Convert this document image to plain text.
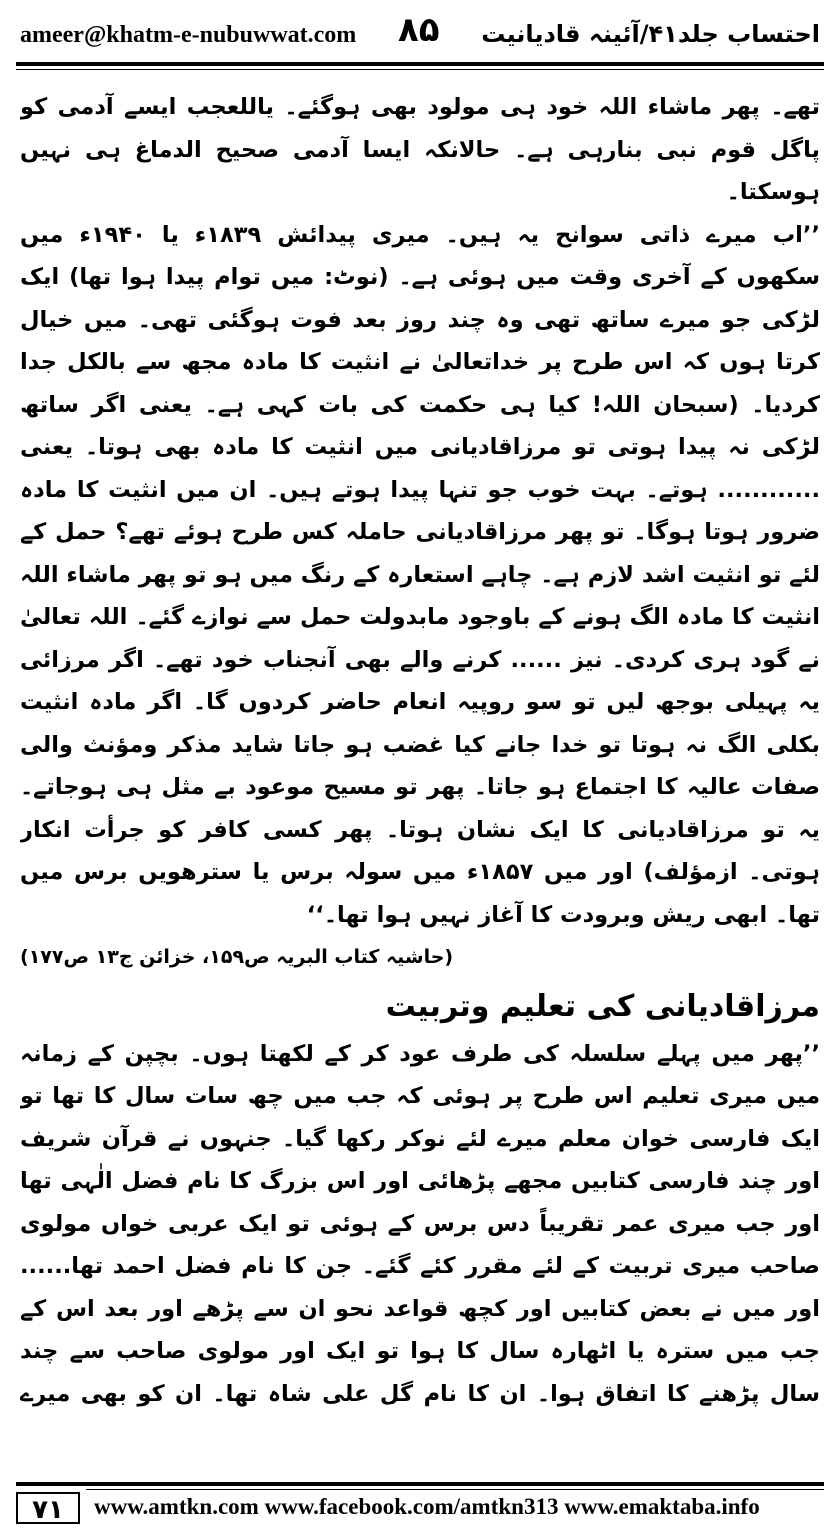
ameer@khatm-e-nubuwwat.com ۸۵ احتساب جلد۴۱/آئینہ قادیانیت

تھے۔ پھر ماشاء اللہ خود ہی مولود بھی ہوگئے۔ یاللعجب ایسے آدمی کو پاگل قوم نبی بنارہی ہے۔ حالانکہ ایسا آدمی صحیح الدماغ ہی نہیں ہوسکتا۔

’’اب میرے ذاتی سوانح یہ ہیں۔ میری پیدائش ۱۸۳۹ء یا ۱۹۴۰ء میں سکھوں کے آخری وقت میں ہوئی ہے۔ (نوٹ: میں توام پیدا ہوا تھا) ایک لڑکی جو میرے ساتھ تھی وہ چند روز بعد فوت ہوگئی تھی۔ میں خیال کرتا ہوں کہ اس طرح پر خداتعالیٰ نے انثیت کا مادہ مجھ سے بالکل جدا کردیا۔ (سبحان اللہ! کیا ہی حکمت کی بات کہی ہے۔ یعنی اگر ساتھ لڑکی نہ پیدا ہوتی تو مرزاقادیانی میں انثیت کا مادہ بھی ہوتا۔ یعنی ............ ہوتے۔ بہت خوب جو تنہا پیدا ہوتے ہیں۔ ان میں انثیت کا مادہ ضرور ہوتا ہوگا۔ تو پھر مرزاقادیانی حاملہ کس طرح ہوئے تھے؟ حمل کے لئے تو انثیت اشد لازم ہے۔ چاہے استعارہ کے رنگ میں ہو تو پھر ماشاء اللہ انثیت کا مادہ الگ ہونے کے باوجود مابدولت حمل سے نوازے گئے۔ اللہ تعالیٰ نے گود ہری کردی۔ نیز ...... کرنے والے بھی آنجناب خود تھے۔ اگر مرزائی یہ پہیلی بوجھ لیں تو سو روپیہ انعام حاضر کردوں گا۔ اگر مادہ انثیت بکلی الگ نہ ہوتا تو خدا جانے کیا غضب ہو جاتا شاید مذکر ومؤنث والی صفات عالیہ کا اجتماع ہو جاتا۔ پھر تو مسیح موعود بے مثل ہی ہوجاتے۔ یہ تو مرزاقادیانی کا ایک نشان ہوتا۔ پھر کسی کافر کو جرأت انکار ہوتی۔ ازمؤلف) اور میں ۱۸۵۷ء میں سولہ برس یا سترھویں برس میں تھا۔ ابھی ریش وبرودت کا آغاز نہیں ہوا تھا۔‘‘

(حاشیہ کتاب البریہ ص۱۵۹، خزائن ج۱۳ ص۱۷۷)
مرزاقادیانی کی تعلیم وتربیت

’’پھر میں پہلے سلسلہ کی طرف عود کر کے لکھتا ہوں۔ بچپن کے زمانہ میں میری تعلیم اس طرح پر ہوئی کہ جب میں چھ سات سال کا تھا تو ایک فارسی خوان معلم میرے لئے نوکر رکھا گیا۔ جنہوں نے قرآن شریف اور چند فارسی کتابیں مجھے پڑھائی اور اس بزرگ کا نام فضل الٰہی تھا اور جب میری عمر تقریباً دس برس کے ہوئی تو ایک عربی خواں مولوی صاحب میری تربیت کے لئے مقرر کئے گئے۔ جن کا نام فضل احمد تھا...... اور میں نے بعض کتابیں اور کچھ قواعد نحو ان سے پڑھے اور بعد اس کے جب میں سترہ یا اٹھارہ سال کا ہوا تو ایک اور مولوی صاحب سے چند سال پڑھنے کا اتفاق ہوا۔ ان کا نام گل علی شاہ تھا۔ ان کو بھی میرے

۷۱	www.amtkn.com www.facebook.com/amtkn313 www.emaktaba.info
